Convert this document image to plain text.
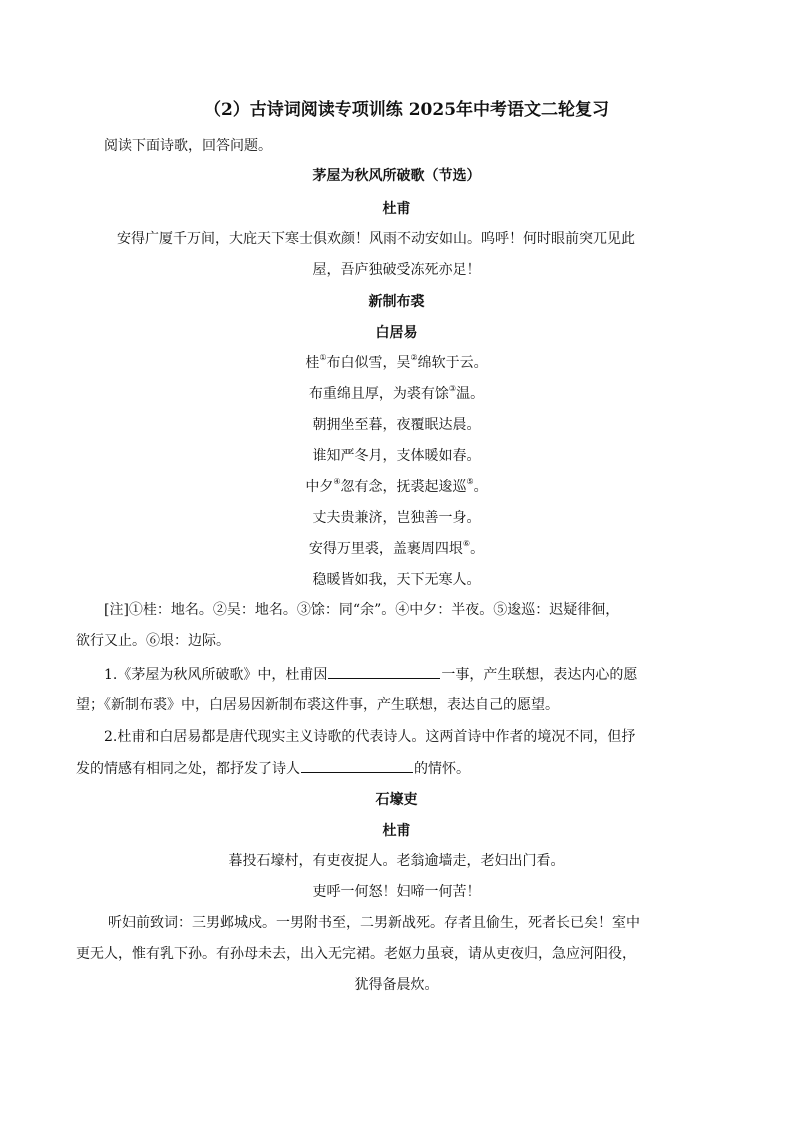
（2）古诗词阅读专项训练 2025年中考语文二轮复习
阅读下面诗歌，回答问题。
茅屋为秋风所破歌（节选）
杜甫
安得广厦千万间，大庇天下寒士俱欢颜！风雨不动安如山。呜呼！何时眼前突兀见此
屋，吾庐独破受冻死亦足！
新制布裘
白居易
桂①布白似雪，吴②绵软于云。
布重绵且厚，为裘有馀③温。
朝拥坐至暮，夜覆眠达晨。
谁知严冬月，支体暖如春。
中夕④忽有念，抚裘起逡巡⑤。
丈夫贵兼济，岂独善一身。
安得万里裘，盖裹周四垠⑥。
稳暖皆如我，天下无寒人。
[注]①桂：地名。②吴：地名。③馀：同“余”。④中夕：半夜。⑤逡巡：迟疑徘徊，
欲行又止。⑥垠：边际。
1.《茅屋为秋风所破歌》中，杜甫因	一事，产生联想，表达内心的愿
望；《新制布裘》中，白居易因新制布裘这件事，产生联想，表达自己的愿望。
2.杜甫和白居易都是唐代现实主义诗歌的代表诗人。这两首诗中作者的境况不同，但抒
发的情感有相同之处，都抒发了诗人	的情怀。
石壕吏
杜甫
暮投石壕村，有吏夜捉人。老翁逾墙走，老妇出门看。
吏呼一何怒！妇啼一何苦！
听妇前致词：三男邺城戍。一男附书至，二男新战死。存者且偷生，死者长已矣！室中
更无人，惟有乳下孙。有孙母未去，出入无完裙。老妪力虽衰，请从吏夜归，急应河阳役，
犹得备晨炊。
